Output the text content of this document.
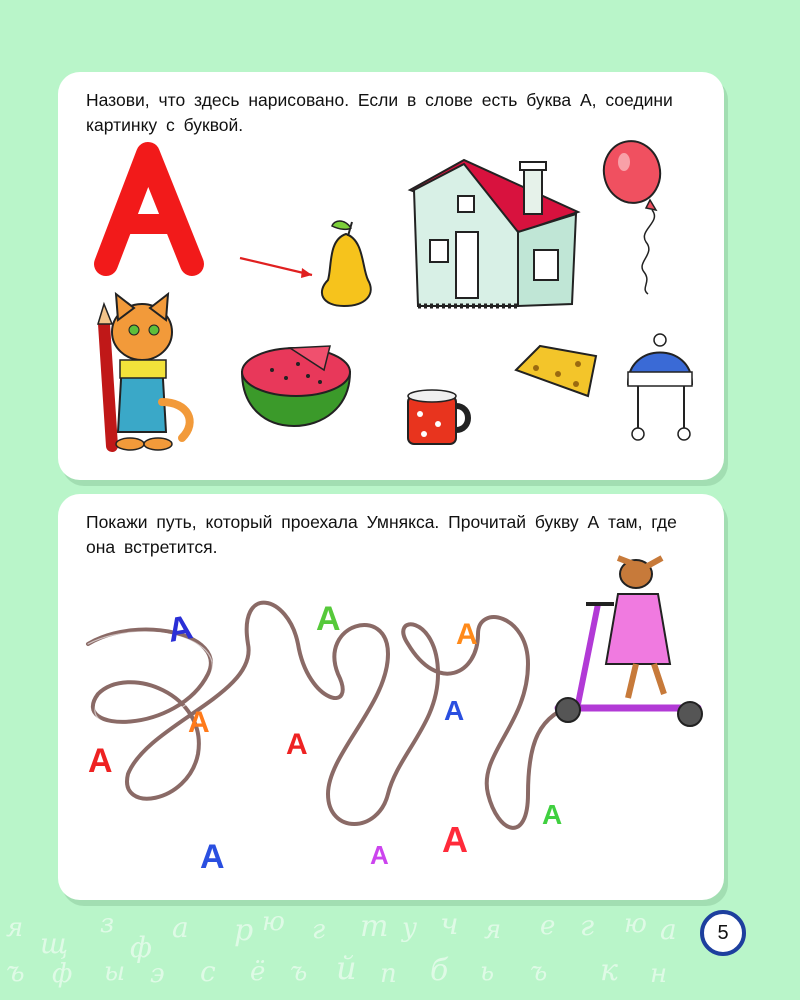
Назови, что здесь нарисовано. Если в слове есть буква А, соедини картинку с буквой.
Покажи путь, который проехала Умнякса. Прочитай букву А там, где она встретится.
А
А
А
А
А	А
А
А	А А
А
я щ
з
ф
а р ю г т у ч я е г ю а
ъ ф ы э с ё ъ й п б ь ъ к н
5
